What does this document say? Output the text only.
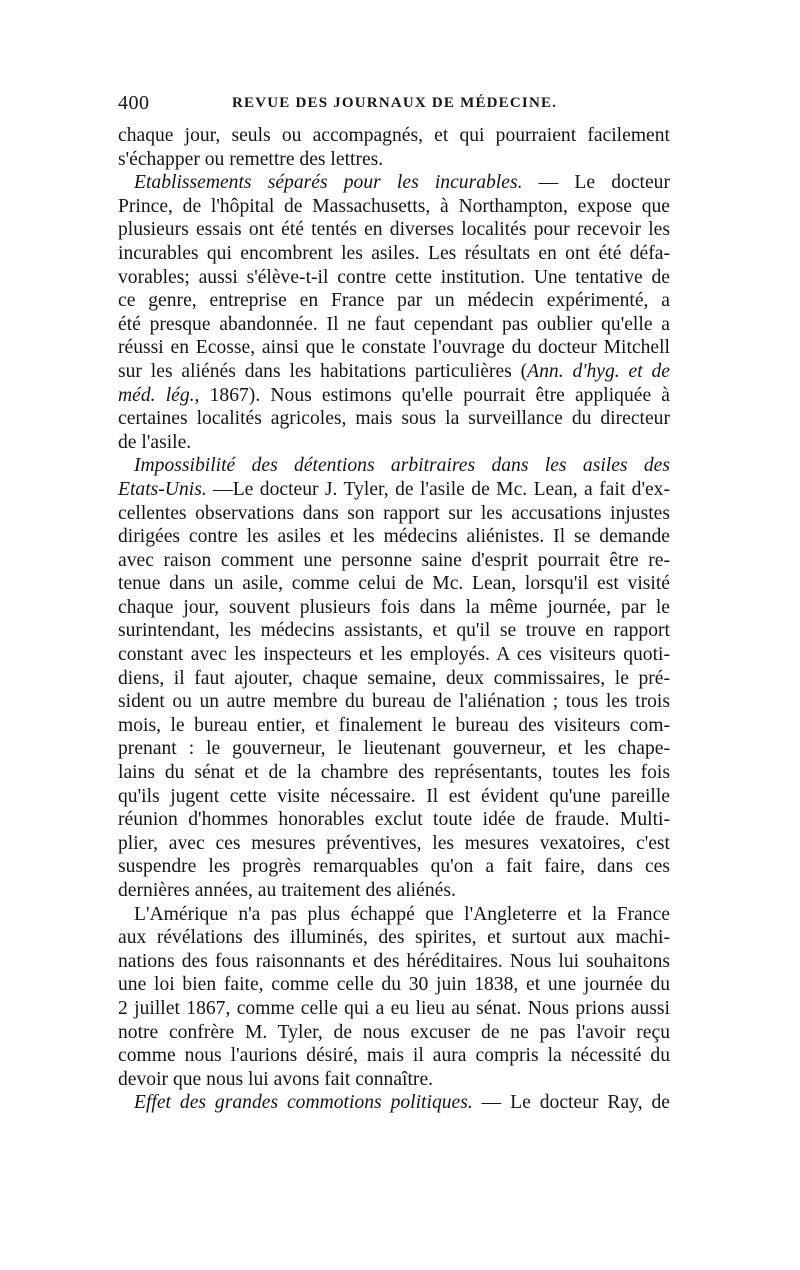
400	REVUE DES JOURNAUX DE MÉDECINE.
chaque jour, seuls ou accompagnés, et qui pourraient facilement
s'échapper ou remettre des lettres.
Etablissements séparés pour les incurables. — Le docteur
Prince, de l'hôpital de Massachusetts, à Northampton, expose que
plusieurs essais ont été tentés en diverses localités pour recevoir les
incurables qui encombrent les asiles. Les résultats en ont été défa-
vorables; aussi s'élève-t-il contre cette institution. Une tentative de
ce genre, entreprise en France par un médecin expérimenté, a
été presque abandonnée. Il ne faut cependant pas oublier qu'elle a
réussi en Ecosse, ainsi que le constate l'ouvrage du docteur Mitchell
sur les aliénés dans les habitations particulières (Ann. d'hyg. et de
méd. lég., 1867). Nous estimons qu'elle pourrait être appliquée à
certaines localités agricoles, mais sous la surveillance du directeur
de l'asile.
Impossibilité des détentions arbitraires dans les asiles des
Etats-Unis. —Le docteur J. Tyler, de l'asile de Mc. Lean, a fait d'ex-
cellentes observations dans son rapport sur les accusations injustes
dirigées contre les asiles et les médecins aliénistes. Il se demande
avec raison comment une personne saine d'esprit pourrait être re-
tenue dans un asile, comme celui de Mc. Lean, lorsqu'il est visité
chaque jour, souvent plusieurs fois dans la même journée, par le
surintendant, les médecins assistants, et qu'il se trouve en rapport
constant avec les inspecteurs et les employés. A ces visiteurs quoti-
diens, il faut ajouter, chaque semaine, deux commissaires, le pré-
sident ou un autre membre du bureau de l'aliénation ; tous les trois
mois, le bureau entier, et finalement le bureau des visiteurs com-
prenant : le gouverneur, le lieutenant gouverneur, et les chape-
lains du sénat et de la chambre des représentants, toutes les fois
qu'ils jugent cette visite nécessaire. Il est évident qu'une pareille
réunion d'hommes honorables exclut toute idée de fraude. Multi-
plier, avec ces mesures préventives, les mesures vexatoires, c'est
suspendre les progrès remarquables qu'on a fait faire, dans ces
dernières années, au traitement des aliénés.
L'Amérique n'a pas plus échappé que l'Angleterre et la France
aux révélations des illuminés, des spirites, et surtout aux machi-
nations des fous raisonnants et des héréditaires. Nous lui souhaitons
une loi bien faite, comme celle du 30 juin 1838, et une journée du
2 juillet 1867, comme celle qui a eu lieu au sénat. Nous prions aussi
notre confrère M. Tyler, de nous excuser de ne pas l'avoir reçu
comme nous l'aurions désiré, mais il aura compris la nécessité du
devoir que nous lui avons fait connaître.
Effet des grandes commotions politiques. — Le docteur Ray, de
